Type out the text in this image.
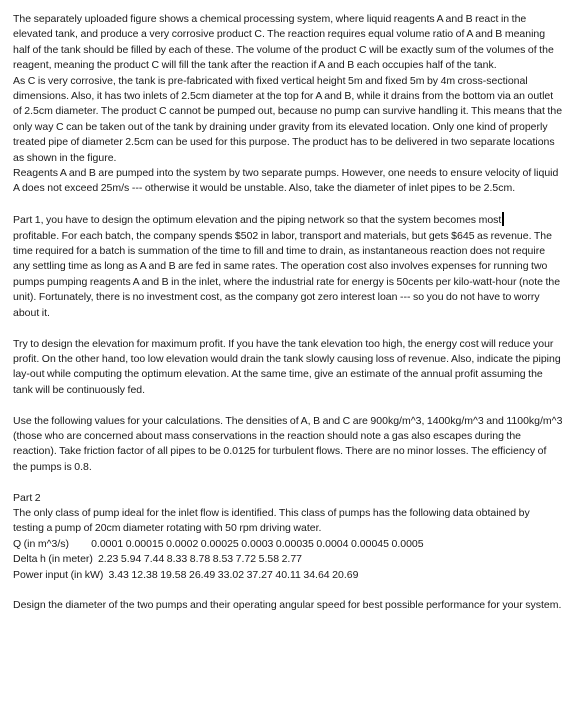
The separately uploaded figure shows a chemical processing system, where liquid reagents A and B react in the elevated tank, and produce a very corrosive product C. The reaction requires equal volume ratio of A and B meaning half of the tank should be filled by each of these. The volume of the product C will be exactly sum of the volumes of the reagent, meaning the product C will fill the tank after the reaction if A and B each occupies half of the tank.

As C is very corrosive, the tank is pre-fabricated with fixed vertical height 5m and fixed 5m by 4m cross-sectional dimensions. Also, it has two inlets of 2.5cm diameter at the top for A and B, while it drains from the bottom via an outlet of 2.5cm diameter. The product C cannot be pumped out, because no pump can survive handling it. This means that the only way C can be taken out of the tank by draining under gravity from its elevated location. Only one kind of properly treated pipe of diameter 2.5cm can be used for this purpose. The product has to be delivered in two separate locations as shown in the figure.

Reagents A and B are pumped into the system by two separate pumps. However, one needs to ensure velocity of liquid A does not exceed 25m/s --- otherwise it would be unstable. Also, take the diameter of inlet pipes to be 2.5cm.

Part 1, you have to design the optimum elevation and the piping network so that the system becomes most
profitable. For each batch, the company spends $502 in labor, transport and materials, but gets $645 as revenue. The time required for a batch is summation of the time to fill and time to drain, as instantaneous reaction does not require any settling time as long as A and B are fed in same rates. The operation cost also involves expenses for running two pumps pumping reagents A and B in the inlet, where the industrial rate for energy is 50cents per kilo-watt-hour (note the unit). Fortunately, there is no investment cost, as the company got zero interest loan --- so you do not have to worry about it.

Try to design the elevation for maximum profit. If you have the tank elevation too high, the energy cost will reduce your profit. On the other hand, too low elevation would drain the tank slowly causing loss of revenue. Also, indicate the piping lay-out while computing the optimum elevation. At the same time, give an estimate of the annual profit assuming the tank will be continuously fed.

Use the following values for your calculations. The densities of A, B and C are 900kg/m^3, 1400kg/m^3 and 1100kg/m^3 (those who are concerned about mass conservations in the reaction should note a gas also escapes during the reaction). Take friction factor of all pipes to be 0.0125 for turbulent flows. There are no minor losses. The efficiency of the pumps is 0.8.

Part 2

The only class of pump ideal for the inlet flow is identified. This class of pumps has the following data obtained by testing a pump of 20cm diameter rotating with 50 rpm driving water.

Q (in m^3/s) 0.0001 0.00015 0.0002 0.00025 0.0003 0.00035 0.0004 0.00045 0.0005

Delta h (in meter)  2.23 5.94 7.44 8.33 8.78 8.53 7.72 5.58 2.77

Power input (in kW)  3.43 12.38 19.58 26.49 33.02 37.27 40.11 34.64 20.69

Design the diameter of the two pumps and their operating angular speed for best possible performance for your system.
